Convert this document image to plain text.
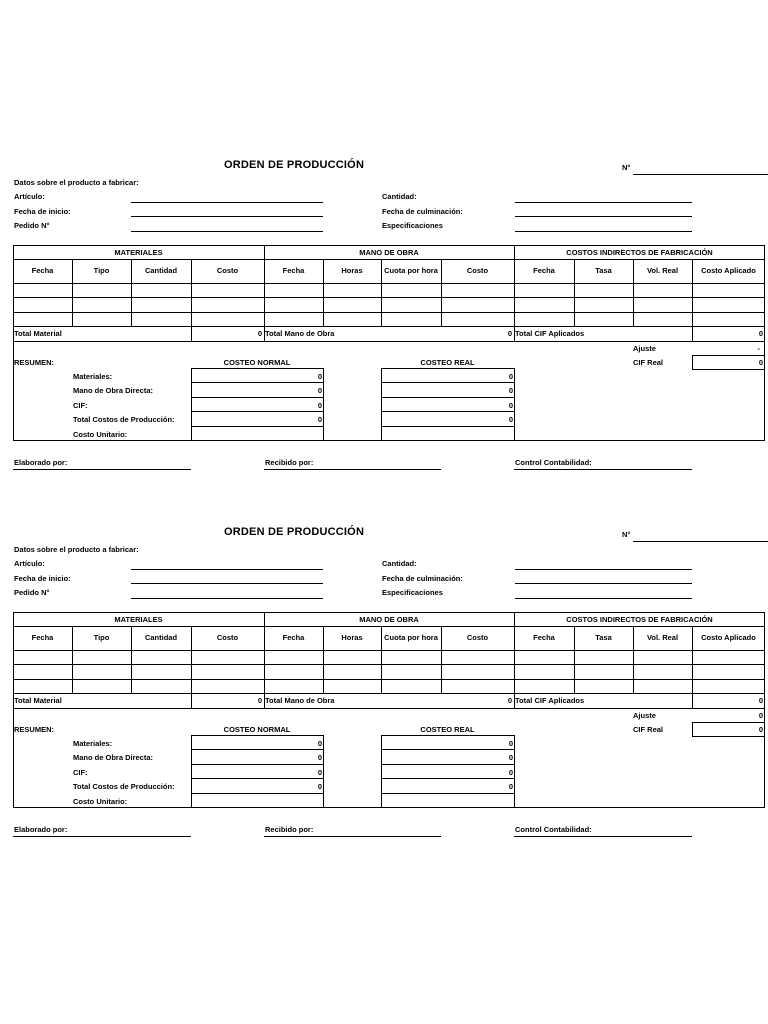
ORDEN DE PRODUCCIÓN	N°
Datos sobre el producto a fabricar:
Artículo:
Fecha de inicio:
Pedido N°
Cantidad:
Fecha de culminación:
Especificaciones
MATERIALES	MANO DE OBRA	COSTOS INDIRECTOS DE FABRICACIÓN
Fecha	Tipo	Cantidad	Costo	Fecha	Horas	Cuota por hora	Costo	Fecha	Tasa	Vol. Real	Costo Aplicado
Total Material	0 Total Mano de Obra	0 Total CIF Aplicados	0
Ajuste	-
CIF Real	0
RESUMEN:	COSTEO NORMAL	COSTEO REAL
Materiales:	0	0
Mano de Obra Directa:	0	0
CIF:	0	0
Total Costos de Producción:	0	0
Costo Unitario:
Elaborado por:	Recibido por:	Control Contabilidad:
ORDEN DE PRODUCCIÓN	N°
Datos sobre el producto a fabricar:
Artículo:
Fecha de inicio:
Pedido N°
Cantidad:
Fecha de culminación:
Especificaciones
MATERIALES	MANO DE OBRA	COSTOS INDIRECTOS DE FABRICACIÓN
Fecha	Tipo	Cantidad	Costo	Fecha	Horas	Cuota por hora	Costo	Fecha	Tasa	Vol. Real	Costo Aplicado
Total Material	0 Total Mano de Obra	0 Total CIF Aplicados	0
Ajuste	0
CIF Real	0
RESUMEN:	COSTEO NORMAL	COSTEO REAL
Materiales:	0	0
Mano de Obra Directa:	0	0
CIF:	0	0
Total Costos de Producción:	0	0
Costo Unitario:
Elaborado por:	Recibido por:	Control Contabilidad:
